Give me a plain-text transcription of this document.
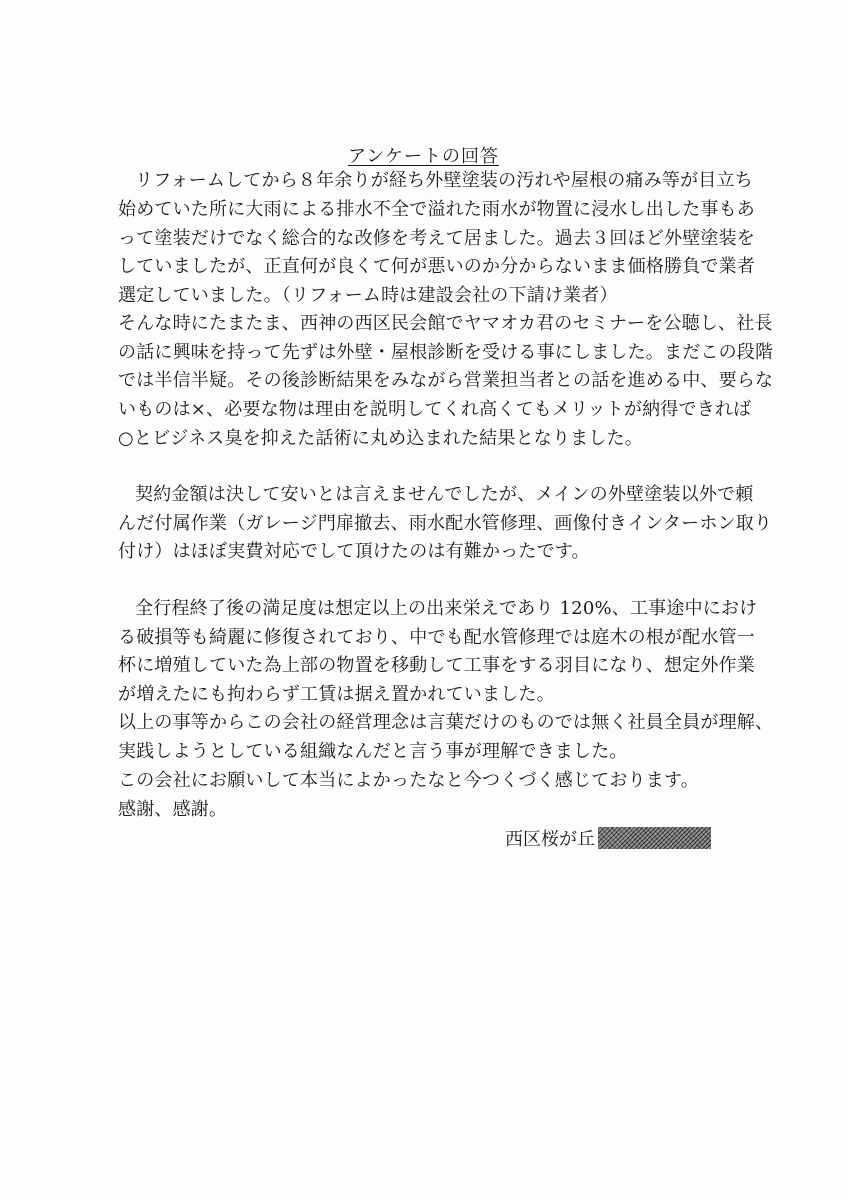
アンケートの回答
リフォームしてから８年余りが経ち外壁塗装の汚れや屋根の痛み等が目立ち
始めていた所に大雨による排水不全で溢れた雨水が物置に浸水し出した事もあ
って塗装だけでなく総合的な改修を考えて居ました。過去３回ほど外壁塗装を
していましたが、正直何が良くて何が悪いのか分からないまま価格勝負で業者
選定していました。（リフォーム時は建設会社の下請け業者）
そんな時にたまたま、西神の西区民会館でヤマオカ君のセミナーを公聴し、社長
の話に興味を持って先ずは外壁・屋根診断を受ける事にしました。まだこの段階
では半信半疑。その後診断結果をみながら営業担当者との話を進める中、要らな
いものは×、必要な物は理由を説明してくれ高くてもメリットが納得できれば
○とビジネス臭を抑えた話術に丸め込まれた結果となりました。
契約金額は決して安いとは言えませんでしたが、メインの外壁塗装以外で頼
んだ付属作業（ガレージ門扉撤去、雨水配水管修理、画像付きインターホン取り
付け）はほぼ実費対応でして頂けたのは有難かったです。
全行程終了後の満足度は想定以上の出来栄えであり 120%、工事途中におけ
る破損等も綺麗に修復されており、中でも配水管修理では庭木の根が配水管一
杯に増殖していた為上部の物置を移動して工事をする羽目になり、想定外作業
が増えたにも拘わらず工賃は据え置かれていました。
以上の事等からこの会社の経営理念は言葉だけのものでは無く社員全員が理解、
実践しようとしている組織なんだと言う事が理解できました。
この会社にお願いして本当によかったなと今つくづく感じております。
感謝、感謝。
西区桜が丘
